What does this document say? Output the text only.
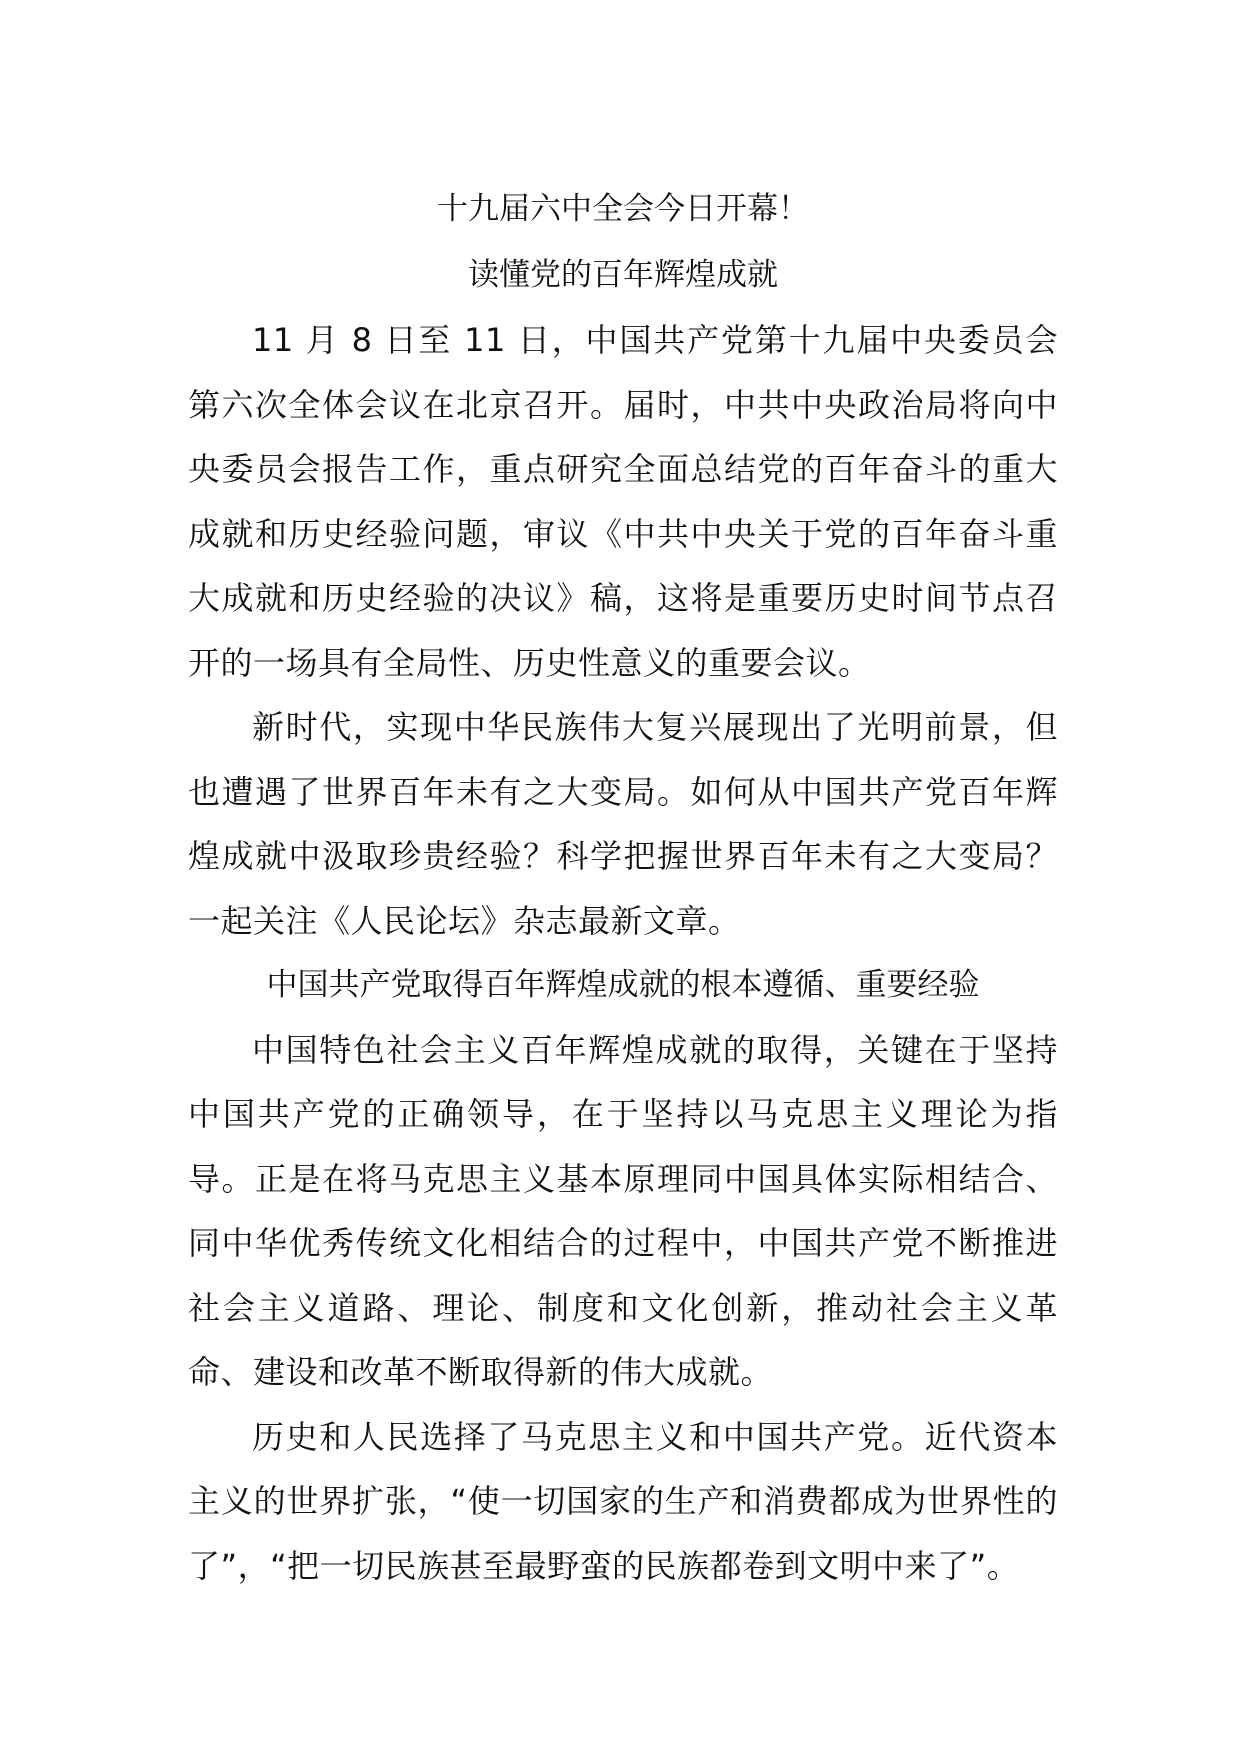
十九届六中全会今日开幕！
读懂党的百年辉煌成就

11 月 8 日至 11 日，中国共产党第十九届中央委员会第六次全体会议在北京召开。届时，中共中央政治局将向中央委员会报告工作，重点研究全面总结党的百年奋斗的重大成就和历史经验问题，审议《中共中央关于党的百年奋斗重大成就和历史经验的决议》稿，这将是重要历史时间节点召开的一场具有全局性、历史性意义的重要会议。

新时代，实现中华民族伟大复兴展现出了光明前景，但也遭遇了世界百年未有之大变局。如何从中国共产党百年辉煌成就中汲取珍贵经验？科学把握世界百年未有之大变局？一起关注《人民论坛》杂志最新文章。

中国共产党取得百年辉煌成就的根本遵循、重要经验

中国特色社会主义百年辉煌成就的取得，关键在于坚持中国共产党的正确领导，在于坚持以马克思主义理论为指导。正是在将马克思主义基本原理同中国具体实际相结合、同中华优秀传统文化相结合的过程中，中国共产党不断推进社会主义道路、理论、制度和文化创新，推动社会主义革命、建设和改革不断取得新的伟大成就。

历史和人民选择了马克思主义和中国共产党。近代资本主义的世界扩张，“使一切国家的生产和消费都成为世界性的了”，“把一切民族甚至最野蛮的民族都卷到文明中来了”。
